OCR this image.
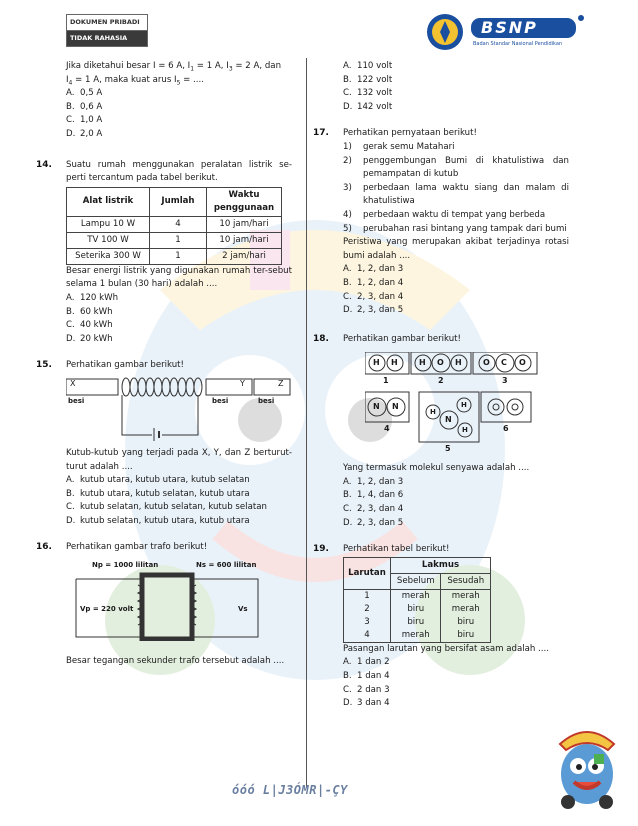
DOKUMEN PRIBADI
TIDAK RAHASIA
BSNP
Badan Standar Nasional Pendidikan

Jika diketahui besar I = 6 A, $I_1 = 1$ A, $I_3 = 2$ A, dan
$I_4 = 1$ A, maka kuat arus $I_5$ = ....

A. 0,5 A
B. 0,6 A
C. 1,0 A
D. 2,0 A
14. Suatu rumah menggunakan peralatan listrik se-perti tercantum pada tabel berikut.

Alat listrik	Jumlah	Waktu penggunaan
Lampu 10 W	4	10 jam/hari
TV 100 W	1	10 jam/hari
Seterika 300 W	1	2 jam/hari

Besar energi listrik yang digunakan rumah ter-sebut selama 1 bulan (30 hari) adalah ....

A. 120 kWh
B. 60 kWh
C. 40 kWh
D. 20 kWh
15. Perhatikan gambar berikut!

X
besi
Y	Z
besi	besi

Kutub-kutub yang terjadi pada X, Y, dan Z berturut-turut adalah ....

A. kutub utara, kutub utara, kutub selatan
B. kutub utara, kutub selatan, kutub utara
C. kutub selatan, kutub selatan, kutub selatan
D. kutub selatan, kutub utara, kutub utara
16. Perhatikan gambar trafo berikut!

Np = 1000 lilitan	Ns = 600 lilitan
Vp = 220 volt	Vs

Besar tegangan sekunder trafo tersebut adalah ....

A. 110 volt
B. 122 volt
C. 132 volt
D. 142 volt
17. Perhatikan pernyataan berikut!

1)	gerak semu Matahari
2)	penggembungan Bumi di khatulistiwa dan pemampatan di kutub
3)	perbedaan lama waktu siang dan malam di khatulistiwa
4)	perbedaan waktu di tempat yang berbeda
5)	perubahan rasi bintang yang tampak dari bumi

Peristiwa yang merupakan akibat terjadinya rotasi bumi adalah ....

A. 1, 2, dan 3
B. 1, 2, dan 4
C. 2, 3, dan 4
D. 2, 3, dan 5
18. Perhatikan gambar berikut!

H H	H O H	O C O
N N
N
H
H
H
1	2	3
4
5
6

Yang termasuk molekul senyawa adalah ....

A. 1, 2, dan 3
B. 1, 4, dan 6
C. 2, 3, dan 4
D. 2, 3, dan 5
19. Perhatikan tabel berikut!

Larutan	Lakmus	
	Sebelum	Sesudah
1	merah	merah
2	biru	merah
3	biru	biru
4	merah	biru

Pasangan larutan yang bersifat asam adalah ....

A. 1 dan 2
B. 1 dan 4
C. 2 dan 3
D. 3 dan 4
óóó L|J3ÓMR|-ÇY
